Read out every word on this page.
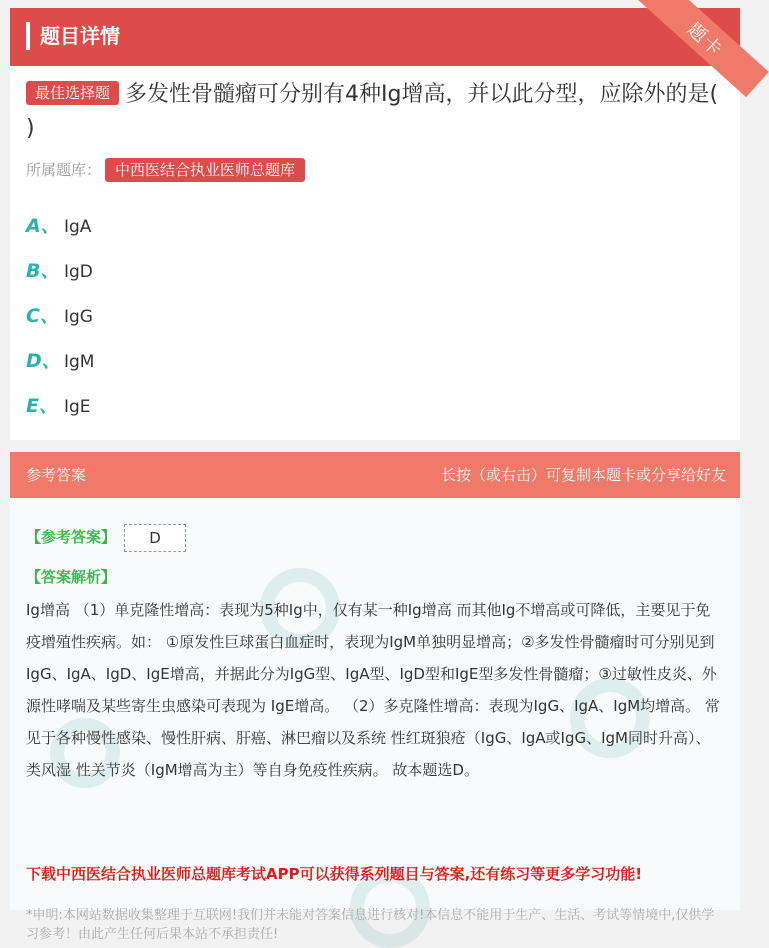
题目详情	题卡
最佳选择题 多发性骨髓瘤可分别有4种Ig增高，并以此分型，应除外的是( )
所属题库： 中西医结合执业医师总题库
A、 IgA
B、 IgD
C、 IgG
D、 IgM
E、 IgE
参考答案	长按（或右击）可复制本题卡或分享给好友
【参考答案】 D
【答案解析】
Ig增高 （1）单克隆性增高：表现为5种Ig中，仅有某一种Ig增高 而其他Ig不增高或可降低，主要见于免疫增殖性疾病。如： ①原发性巨球蛋白血症时，表现为IgM单独明显增高；②多发性骨髓瘤时可分别见到IgG、IgA、IgD、IgE增高，并据此分为IgG型、IgA型、IgD型和IgE型多发性骨髓瘤；③过敏性皮炎、外源性哮喘及某些寄生虫感染可表现为 IgE增高。 （2）多克隆性增高：表现为IgG、IgA、IgM均增高。 常见于各种慢性感染、慢性肝病、肝癌、淋巴瘤以及系统 性红斑狼疮（IgG、IgA或IgG、IgM同时升高）、类风湿 性关节炎（IgM增高为主）等自身免疫性疾病。 故本题选D。
下载中西医结合执业医师总题库考试APP可以获得系列题目与答案,还有练习等更多学习功能!
*申明:本网站数据收集整理于互联网!我们并未能对答案信息进行核对!本信息不能用于生产、生活、考试等情境中,仅供学习参考！由此产生任何后果本站不承担责任!
